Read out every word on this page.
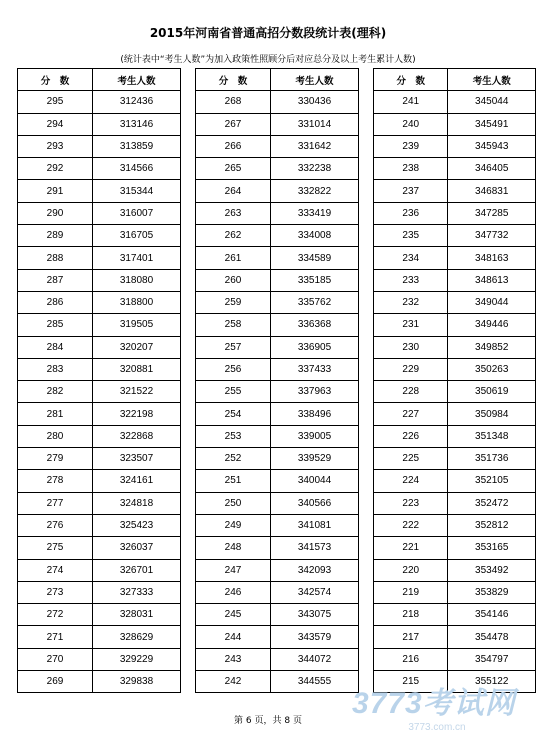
2015年河南省普通高招分数段统计表(理科)
(统计表中“考生人数”为加入政策性照顾分后对应总分及以上考生累计人数)
分　数	考生人数
295	312436
294	313146
293	313859
292	314566
291	315344
290	316007
289	316705
288	317401
287	318080
286	318800
285	319505
284	320207
283	320881
282	321522
281	322198
280	322868
279	323507
278	324161
277	324818
276	325423
275	326037
274	326701
273	327333
272	328031
271	328629
270	329229
269	329838
分　数	考生人数
268	330436
267	331014
266	331642
265	332238
264	332822
263	333419
262	334008
261	334589
260	335185
259	335762
258	336368
257	336905
256	337433
255	337963
254	338496
253	339005
252	339529
251	340044
250	340566
249	341081
248	341573
247	342093
246	342574
245	343075
244	343579
243	344072
242	344555
分　数	考生人数
241	345044
240	345491
239	345943
238	346405
237	346831
236	347285
235	347732
234	348163
233	348613
232	349044
231	349446
230	349852
229	350263
228	350619
227	350984
226	351348
225	351736
224	352105
223	352472
222	352812
221	353165
220	353492
219	353829
218	354146
217	354478
216	354797
215	355122
第 6 页，共 8 页
3773考试网
3773.com.cn
